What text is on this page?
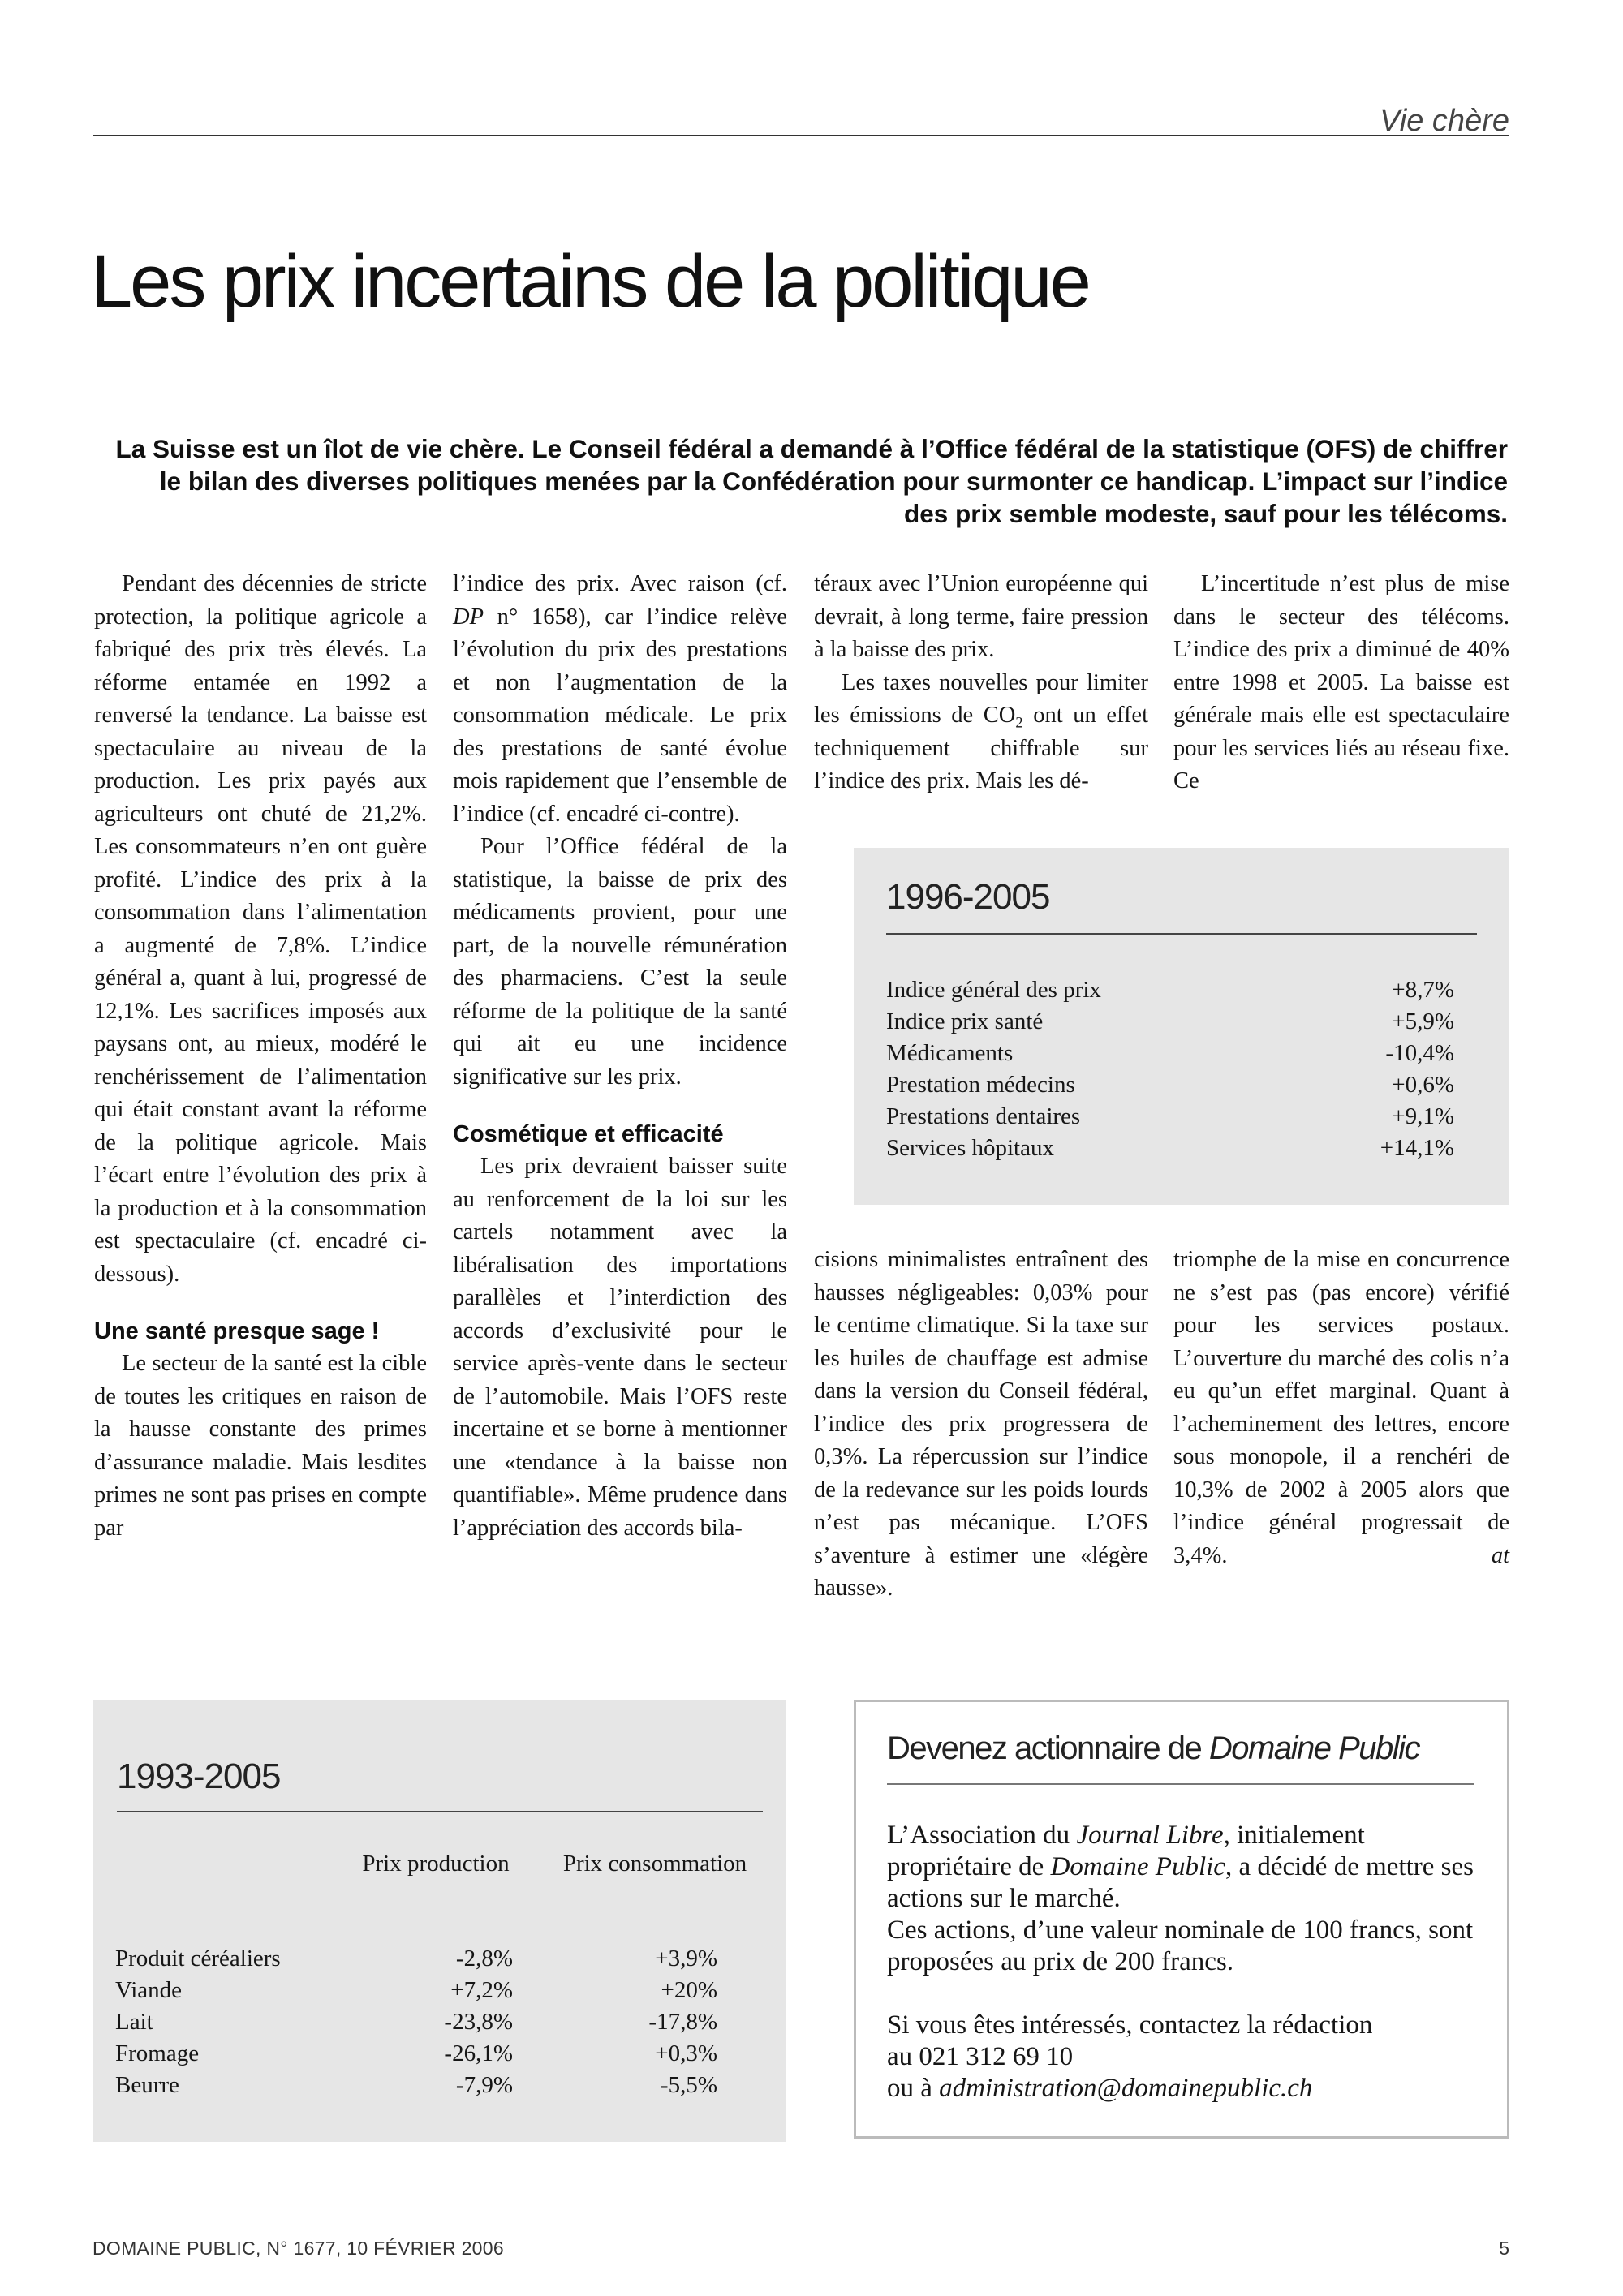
Vie chère
Les prix incertains de la politique
La Suisse est un îlot de vie chère. Le Conseil fédéral a demandé à l’Office fédéral de la statistique (OFS) de chiffrer le bilan des diverses politiques menées par la Confédération pour surmonter ce handicap. L’impact sur l’indice des prix semble modeste, sauf pour les télécoms.

Pendant des décennies de stricte protection, la politique agricole a fabriqué des prix très élevés. La réforme entamée en 1992 a renversé la tendance. La baisse est spectaculaire au niveau de la production. Les prix payés aux agriculteurs ont chuté de 21,2%. Les consommateurs n’en ont guère profité. L’indice des prix à la consommation dans l’alimentation a augmenté de 7,8%. L’indice général a, quant à lui, progressé de 12,1%. Les sacrifices imposés aux paysans ont, au mieux, modéré le renchérissement de l’alimentation qui était constant avant la réforme de la politique agricole. Mais l’écart entre l’évolution des prix à la production et à la consommation est spectaculaire (cf. encadré ci-dessous).

Une santé presque sage !

Le secteur de la santé est la cible de toutes les critiques en raison de la hausse constante des primes d’assurance maladie. Mais lesdites primes ne sont pas prises en compte par

l’indice des prix. Avec raison (cf. DP n° 1658), car l’indice relève l’évolution du prix des prestations et non l’augmentation de la consommation médicale. Le prix des prestations de santé évolue mois rapidement que l’ensemble de l’indice (cf. encadré ci-contre).

Pour l’Office fédéral de la statistique, la baisse de prix des médicaments provient, pour une part, de la nouvelle rémunération des pharmaciens. C’est la seule réforme de la politique de la santé qui ait eu une incidence significative sur les prix.

Cosmétique et efficacité

Les prix devraient baisser suite au renforcement de la loi sur les cartels notamment avec la libéralisation des importations parallèles et l’interdiction des accords d’exclusivité pour le service après-vente dans le secteur de l’automobile. Mais l’OFS reste incertaine et se borne à mentionner une «tendance à la baisse non quantifiable». Même prudence dans l’appréciation des accords bila-

téraux avec l’Union européenne qui devrait, à long terme, faire pression à la baisse des prix.

Les taxes nouvelles pour limiter les émissions de $CO_2$ ont un effet techniquement chiffrable sur l’indice des prix. Mais les dé-

L’incertitude n’est plus de mise dans le secteur des télécoms. L’indice des prix a diminué de 40% entre 1998 et 2005. La baisse est générale mais elle est spectaculaire pour les services liés au réseau fixe. Ce

1996-2005
Indice général des prix	+8,7%
Indice prix santé	+5,9%
Médicaments	-10,4%
Prestation médecins	+0,6%
Prestations dentaires	+9,1%
Services hôpitaux	+14,1%

cisions minimalistes entraînent des hausses négligeables: 0,03% pour le centime climatique. Si la taxe sur les huiles de chauffage est admise dans la version du Conseil fédéral, l’indice des prix progressera de 0,3%. La répercussion sur l’indice de la redevance sur les poids lourds n’est pas mécanique. L’OFS s’aventure à estimer une «légère hausse».

triomphe de la mise en concurrence ne s’est pas (pas encore) vérifié pour les services postaux. L’ouverture du marché des colis n’a eu qu’un effet marginal. Quant à l’acheminement des lettres, encore sous monopole, il a renchéri de 10,3% de 2002 à 2005 alors que l’indice général progressait de 3,4%.	at

1993-2005
	Prix production	Prix consommation
Produit céréaliers	-2,8%	+3,9%
Viande	+7,2%	+20%
Lait	-23,8%	-17,8%
Fromage	-26,1%	+0,3%
Beurre	-7,9%	-5,5%
Devenez actionnaire de Domaine Public

L’Association du Journal Libre, initialement propriétaire de Domaine Public, a décidé de mettre ses actions sur le marché.

Ces actions, d’une valeur nominale de 100 francs, sont proposées au prix de 200 francs.

Si vous êtes intéressés, contactez la rédaction

au 021 312 69 10

ou à administration@domainepublic.ch

DOMAINE PUBLIC, N° 1677, 10 FÉVRIER 2006	5
